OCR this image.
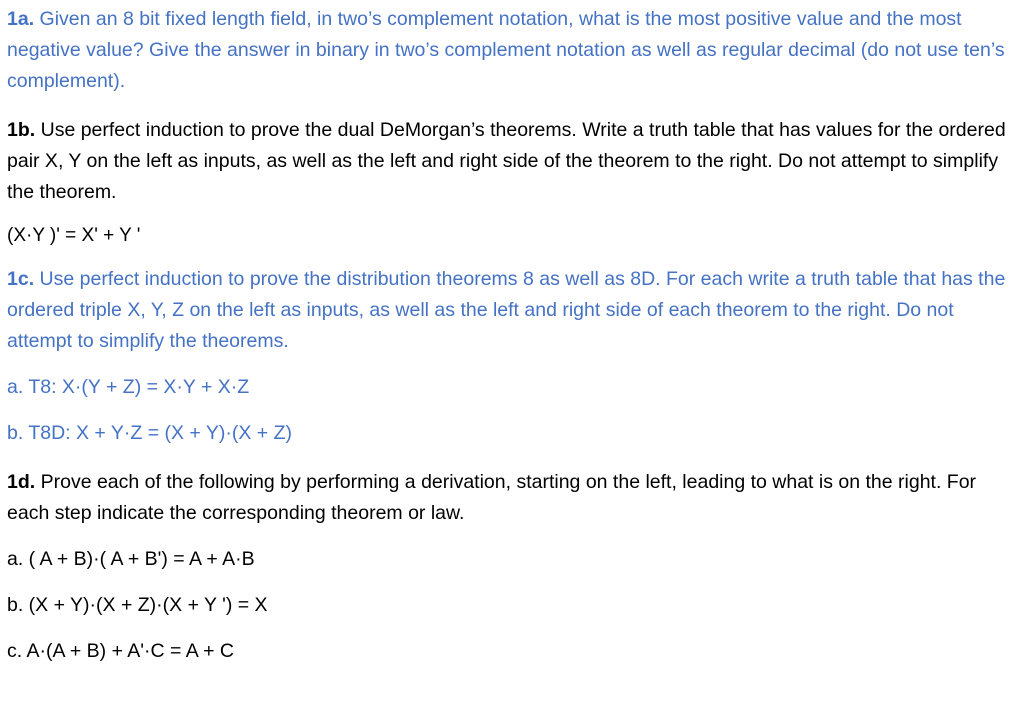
1a. Given an 8 bit fixed length field, in two’s complement notation, what is the most positive value and the most negative value? Give the answer in binary in two’s complement notation as well as regular decimal (do not use ten’s complement).

1b. Use perfect induction to prove the dual DeMorgan’s theorems. Write a truth table that has values for the ordered pair X, Y on the left as inputs, as well as the left and right side of the theorem to the right. Do not attempt to simplify the theorem.

(X·Y )' = X' + Y '

1c. Use perfect induction to prove the distribution theorems 8 as well as 8D. For each write a truth table that has the ordered triple X, Y, Z on the left as inputs, as well as the left and right side of each theorem to the right. Do not attempt to simplify the theorems.

a. T8: X·(Y + Z) = X·Y + X·Z

b. T8D: X + Y·Z = (X + Y)·(X + Z)

1d. Prove each of the following by performing a derivation, starting on the left, leading to what is on the right. For each step indicate the corresponding theorem or law.

a. ( A + B)·( A + B') = A + A·B

b. (X + Y)·(X + Z)·(X + Y ') = X

c. A·(A + B) + A'·C = A + C
